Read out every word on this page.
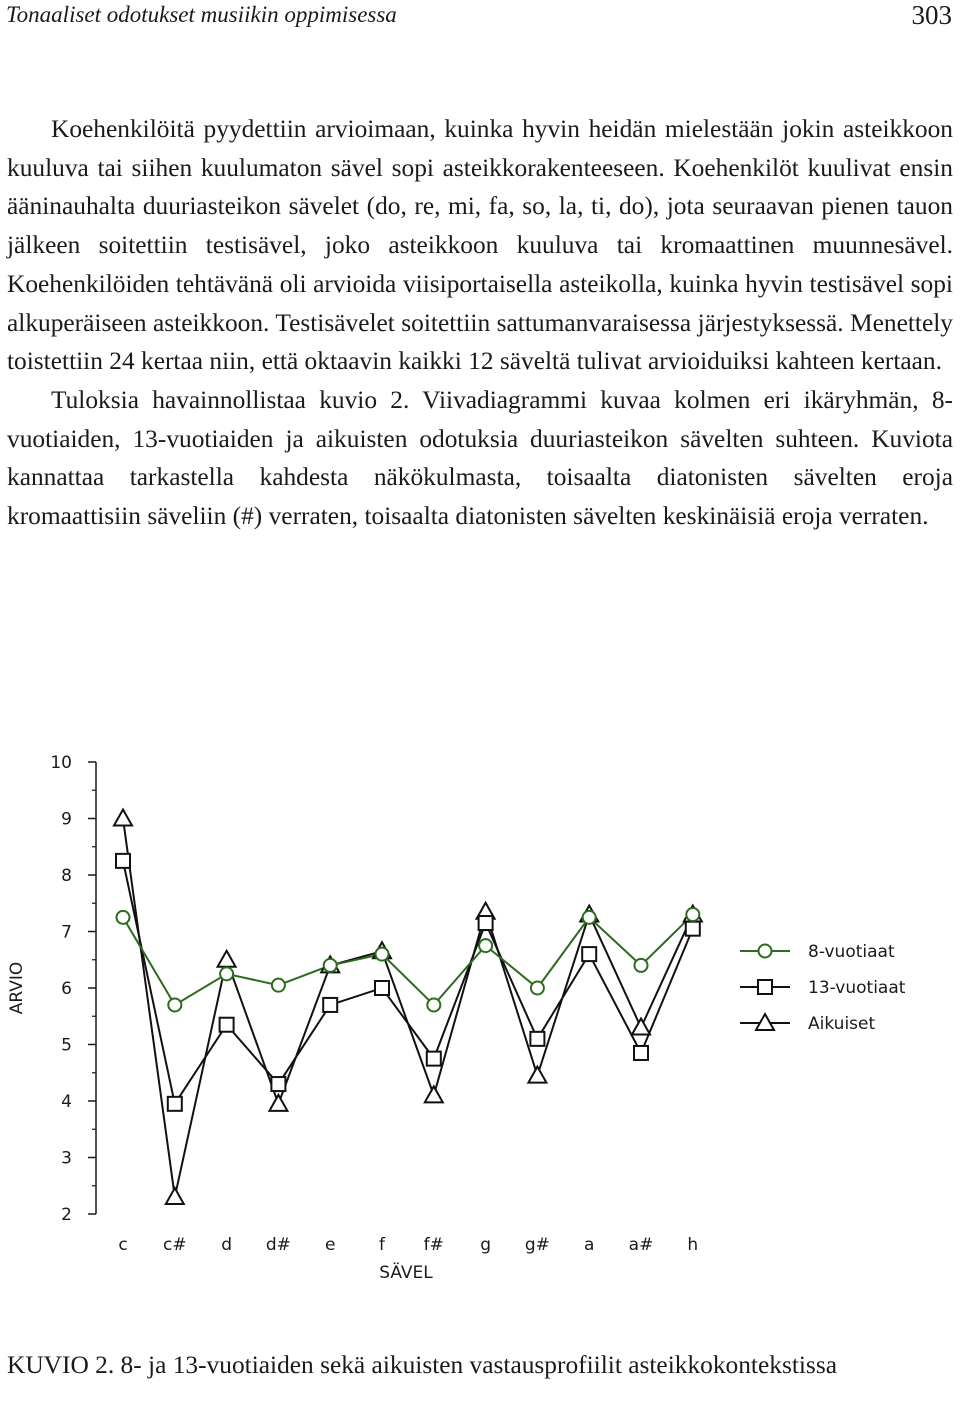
Tonaaliset odotukset musiikin oppimisessa	303

Koehenkilöitä pyydettiin arvioimaan, kuinka hyvin heidän mielestään jokin asteikkoon kuuluva tai siihen kuulumaton sävel sopi asteikkorakenteeseen. Koehenkilöt kuulivat ensin ääninauhalta duuriasteikon sävelet (do, re, mi, fa, so, la, ti, do), jota seuraavan pienen tauon jälkeen soitettiin testisävel, joko asteikkoon kuuluva tai kromaattinen muunnesävel. Koehenkilöiden tehtävänä oli arvioida viisiportaisella asteikolla, kuinka hyvin testisävel sopi alkuperäiseen asteikkoon. Testisävelet soitettiin sattumanvaraisessa järjestyksessä. Menettely toistettiin 24 kertaa niin, että oktaavin kaikki 12 säveltä tulivat arvioiduiksi kahteen kertaan.

Tuloksia havainnollistaa kuvio 2. Viivadiagrammi kuvaa kolmen eri ikäryhmän, 8-vuotiaiden, 13-vuotiaiden ja aikuisten odotuksia duuriasteikon sävelten suhteen. Kuviota kannattaa tarkastella kahdesta näkökulmasta, toisaalta diatonisten sävelten eroja kromaattisiin säveliin (#) verraten, toisaalta diatonisten sävelten keskinäisiä eroja verraten.

2
3
4
5
6
7
8
9
10
c c# d d# e	f f# g g# a a# h
8-vuotiaat
13-vuotiaat
Aikuiset
SÄVEL
ARVIO
KUVIO 2. 8- ja 13-vuotiaiden sekä aikuisten vastausprofiilit asteikkokontekstissa
